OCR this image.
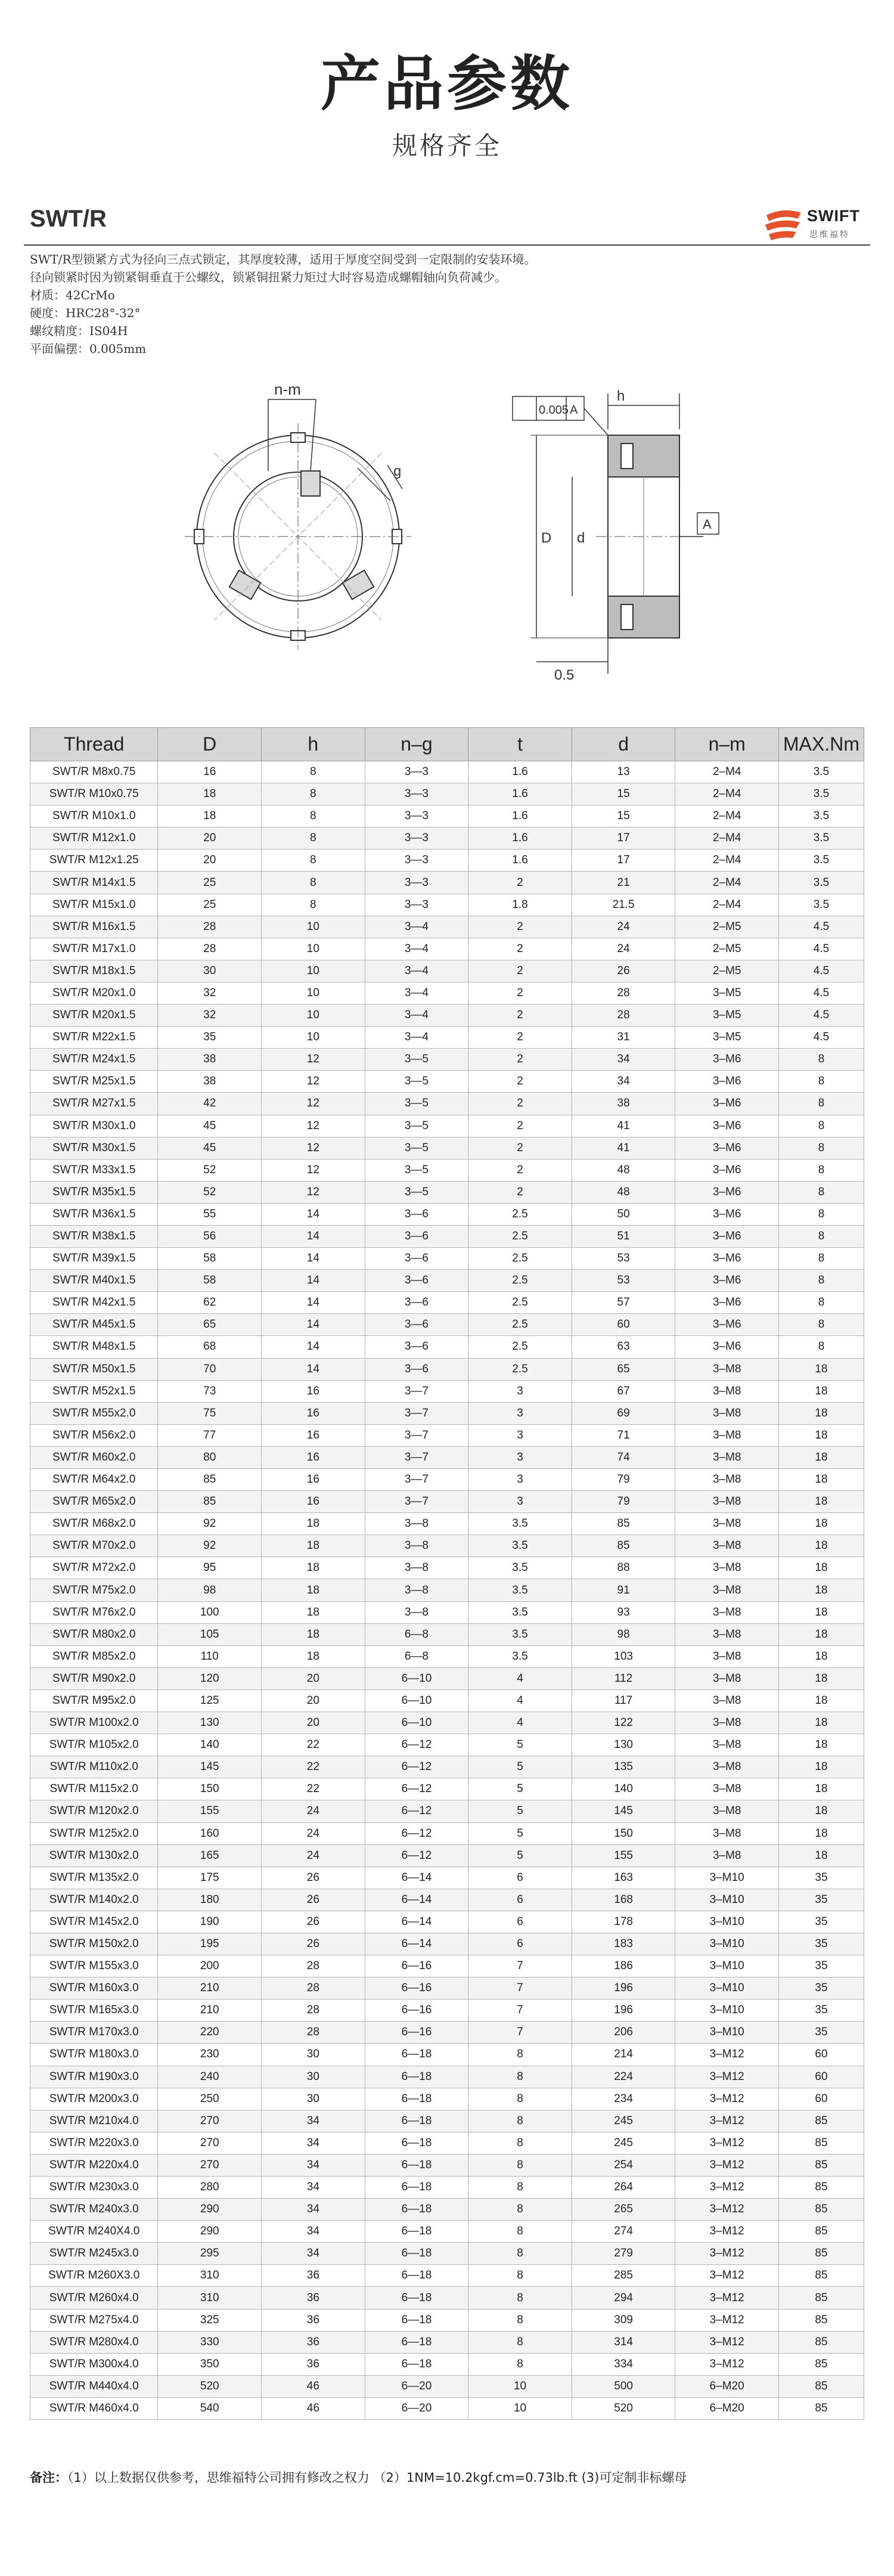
产品参数
规格齐全
SWT/R	SWIFT
思维福特
SWT/R型锁紧方式为径向三点式锁定，其厚度较薄，适用于厚度空间受到一定限制的安装环境。
径向锁紧时因为锁紧铜垂直于公螺纹，锁紧铜扭紧力矩过大时容易造成螺帽轴向负荷减少。
材质：42CrMo
硬度：HRC28°-32°
螺纹精度：IS04H
平面偏摆：0.005mm
n-m
g
h
0.005 A
D d
0.5
A
Thread	D	h	n–g	t	d	n–m	MAX.Nm
SWT/R M8x0.75	16	8	3—3	1.6	13	2–M4	3.5
SWT/R M10x0.75	18	8	3—3	1.6	15	2–M4	3.5
SWT/R M10x1.0	18	8	3—3	1.6	15	2–M4	3.5
SWT/R M12x1.0	20	8	3—3	1.6	17	2–M4	3.5
SWT/R M12x1.25	20	8	3—3	1.6	17	2–M4	3.5
SWT/R M14x1.5	25	8	3—3	2	21	2–M4	3.5
SWT/R M15x1.0	25	8	3—3	1.8	21.5	2–M4	3.5
SWT/R M16x1.5	28	10	3—4	2	24	2–M5	4.5
SWT/R M17x1.0	28	10	3—4	2	24	2–M5	4.5
SWT/R M18x1.5	30	10	3—4	2	26	2–M5	4.5
SWT/R M20x1.0	32	10	3—4	2	28	3–M5	4.5
SWT/R M20x1.5	32	10	3—4	2	28	3–M5	4.5
SWT/R M22x1.5	35	10	3—4	2	31	3–M5	4.5
SWT/R M24x1.5	38	12	3—5	2	34	3–M6	8
SWT/R M25x1.5	38	12	3—5	2	34	3–M6	8
SWT/R M27x1.5	42	12	3—5	2	38	3–M6	8
SWT/R M30x1.0	45	12	3—5	2	41	3–M6	8
SWT/R M30x1.5	45	12	3—5	2	41	3–M6	8
SWT/R M33x1.5	52	12	3—5	2	48	3–M6	8
SWT/R M35x1.5	52	12	3—5	2	48	3–M6	8
SWT/R M36x1.5	55	14	3—6	2.5	50	3–M6	8
SWT/R M38x1.5	56	14	3—6	2.5	51	3–M6	8
SWT/R M39x1.5	58	14	3—6	2.5	53	3–M6	8
SWT/R M40x1.5	58	14	3—6	2.5	53	3–M6	8
SWT/R M42x1.5	62	14	3—6	2.5	57	3–M6	8
SWT/R M45x1.5	65	14	3—6	2.5	60	3–M6	8
SWT/R M48x1.5	68	14	3—6	2.5	63	3–M6	8
SWT/R M50x1.5	70	14	3—6	2.5	65	3–M8	18
SWT/R M52x1.5	73	16	3—7	3	67	3–M8	18
SWT/R M55x2.0	75	16	3—7	3	69	3–M8	18
SWT/R M56x2.0	77	16	3—7	3	71	3–M8	18
SWT/R M60x2.0	80	16	3—7	3	74	3–M8	18
SWT/R M64x2.0	85	16	3—7	3	79	3–M8	18
SWT/R M65x2.0	85	16	3—7	3	79	3–M8	18
SWT/R M68x2.0	92	18	3—8	3.5	85	3–M8	18
SWT/R M70x2.0	92	18	3—8	3.5	85	3–M8	18
SWT/R M72x2.0	95	18	3—8	3.5	88	3–M8	18
SWT/R M75x2.0	98	18	3—8	3.5	91	3–M8	18
SWT/R M76x2.0	100	18	3—8	3.5	93	3–M8	18
SWT/R M80x2.0	105	18	6—8	3.5	98	3–M8	18
SWT/R M85x2.0	110	18	6—8	3.5	103	3–M8	18
SWT/R M90x2.0	120	20	6—10	4	112	3–M8	18
SWT/R M95x2.0	125	20	6—10	4	117	3–M8	18
SWT/R M100x2.0	130	20	6—10	4	122	3–M8	18
SWT/R M105x2.0	140	22	6—12	5	130	3–M8	18
SWT/R M110x2.0	145	22	6—12	5	135	3–M8	18
SWT/R M115x2.0	150	22	6—12	5	140	3–M8	18
SWT/R M120x2.0	155	24	6—12	5	145	3–M8	18
SWT/R M125x2.0	160	24	6—12	5	150	3–M8	18
SWT/R M130x2.0	165	24	6—12	5	155	3–M8	18
SWT/R M135x2.0	175	26	6—14	6	163	3–M10	35
SWT/R M140x2.0	180	26	6—14	6	168	3–M10	35
SWT/R M145x2.0	190	26	6—14	6	178	3–M10	35
SWT/R M150x2.0	195	26	6—14	6	183	3–M10	35
SWT/R M155x3.0	200	28	6—16	7	186	3–M10	35
SWT/R M160x3.0	210	28	6—16	7	196	3–M10	35
SWT/R M165x3.0	210	28	6—16	7	196	3–M10	35
SWT/R M170x3.0	220	28	6—16	7	206	3–M10	35
SWT/R M180x3.0	230	30	6—18	8	214	3–M12	60
SWT/R M190x3.0	240	30	6—18	8	224	3–M12	60
SWT/R M200x3.0	250	30	6—18	8	234	3–M12	60
SWT/R M210x4.0	270	34	6—18	8	245	3–M12	85
SWT/R M220x3.0	270	34	6—18	8	245	3–M12	85
SWT/R M220x4.0	270	34	6—18	8	254	3–M12	85
SWT/R M230x3.0	280	34	6—18	8	264	3–M12	85
SWT/R M240x3.0	290	34	6—18	8	265	3–M12	85
SWT/R M240X4.0	290	34	6—18	8	274	3–M12	85
SWT/R M245x3.0	295	34	6—18	8	279	3–M12	85
SWT/R M260X3.0	310	36	6—18	8	285	3–M12	85
SWT/R M260x4.0	310	36	6—18	8	294	3–M12	85
SWT/R M275x4.0	325	36	6—18	8	309	3–M12	85
SWT/R M280x4.0	330	36	6—18	8	314	3–M12	85
SWT/R M300x4.0	350	36	6—18	8	334	3–M12	85
SWT/R M440x4.0	520	46	6—20	10	500	6–M20	85
SWT/R M460x4.0	540	46	6—20	10	520	6–M20	85
备注：（1）以上数据仅供参考，思维福特公司拥有修改之权力 （2）1NM=10.2kgf.cm=0.73lb.ft (3)可定制非标螺母
